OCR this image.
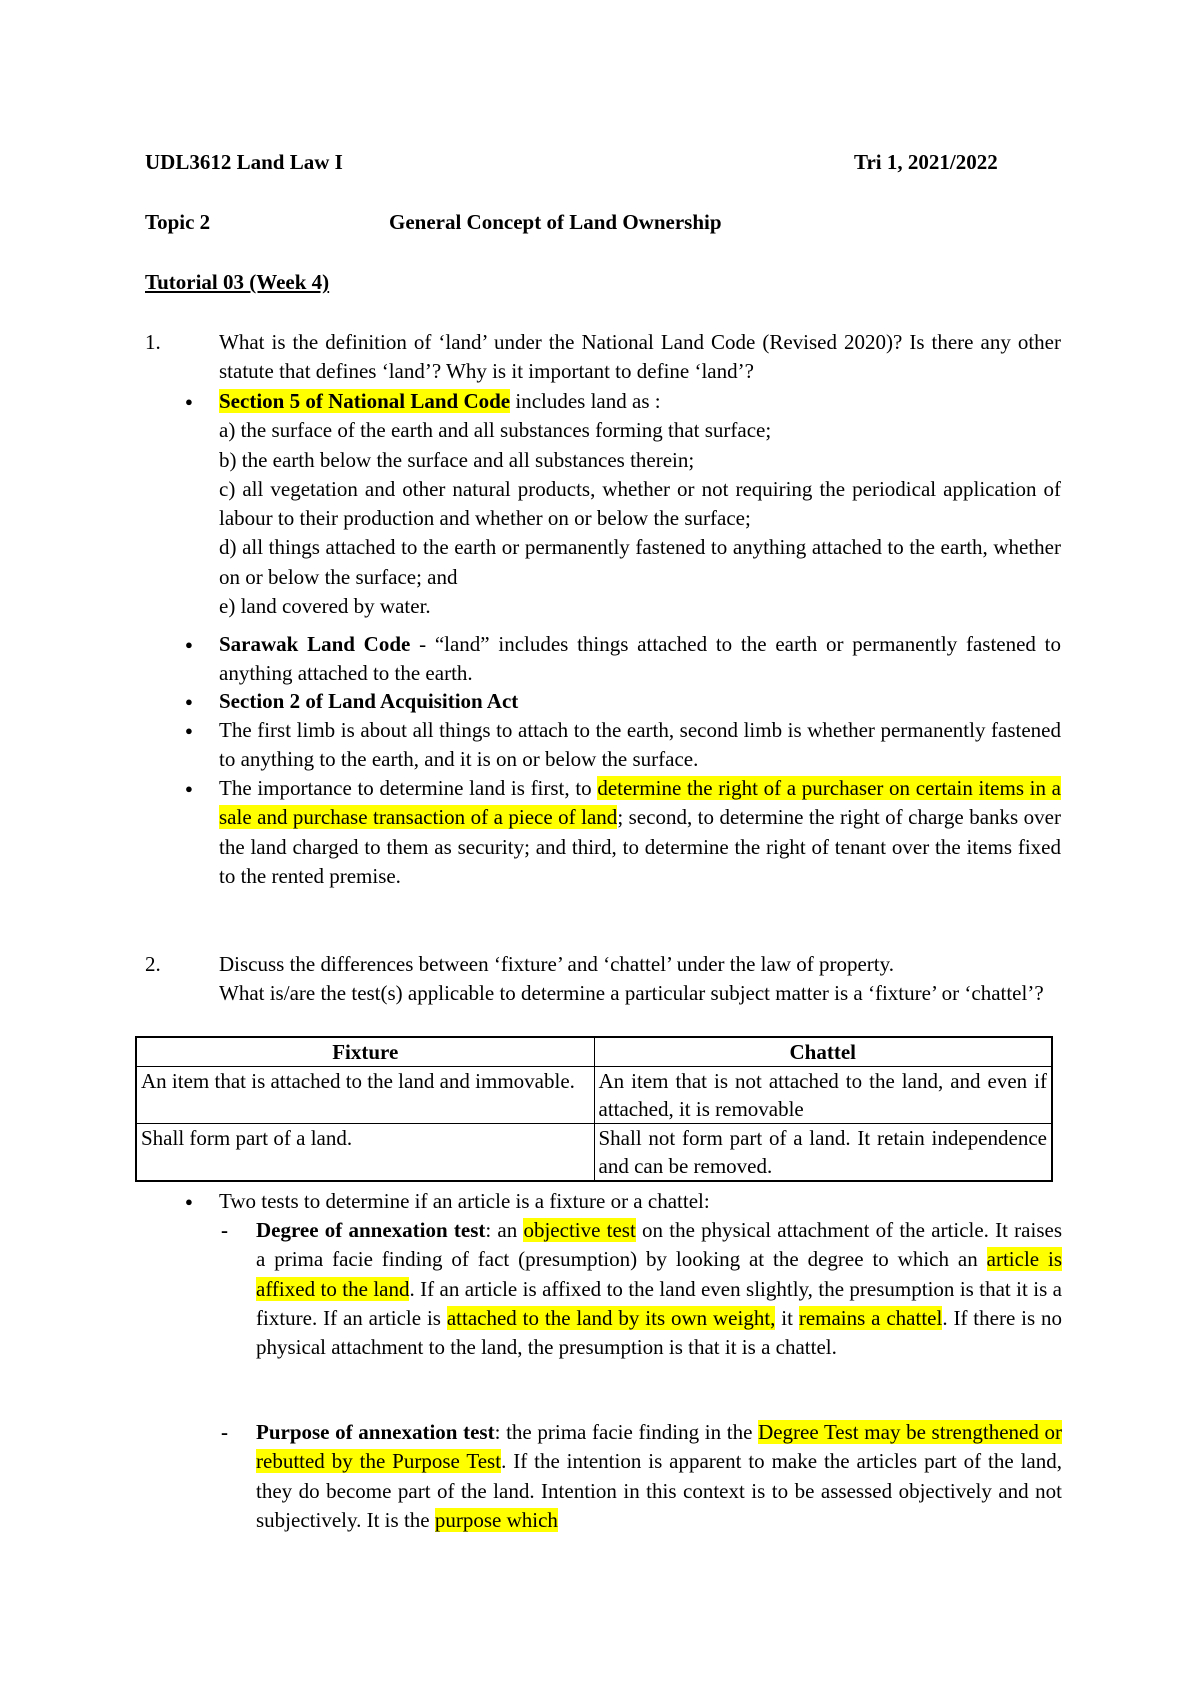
UDL3612 Land Law I	Tri 1, 2021/2022
Topic 2	General Concept of Land Ownership
Tutorial 03 (Week 4)
1.	What is the definition of ‘land’ under the National Land Code (Revised 2020)? Is there any other statute that defines ‘land’? Why is it important to define ‘land’?
● Section 5 of National Land Code includes land as :
a) the surface of the earth and all substances forming that surface;
b) the earth below the surface and all substances therein;
c) all vegetation and other natural products, whether or not requiring the periodical application of labour to their production and whether on or below the surface;
d) all things attached to the earth or permanently fastened to anything attached to the earth, whether on or below the surface; and
e) land covered by water.
● Sarawak Land Code - “land” includes things attached to the earth or permanently fastened to anything attached to the earth.
● Section 2 of Land Acquisition Act
● The first limb is about all things to attach to the earth, second limb is whether permanently fastened to anything to the earth, and it is on or below the surface.
● The importance to determine land is first, to determine the right of a purchaser on certain items in a sale and purchase transaction of a piece of land; second, to determine the right of charge banks over the land charged to them as security; and third, to determine the right of tenant over the items fixed to the rented premise.
2.	Discuss the differences between ‘fixture’ and ‘chattel’ under the law of property.
What is/are the test(s) applicable to determine a particular subject matter is a ‘fixture’ or ‘chattel’?
Fixture	Chattel
An item that is attached to the land and immovable.	An item that is not attached to the land, and even if attached, it is removable
Shall form part of a land.	Shall not form part of a land. It retain independence and can be removed.
● Two tests to determine if an article is a fixture or a chattel:
- Degree of annexation test: an objective test on the physical attachment of the article. It raises a prima facie finding of fact (presumption) by looking at the degree to which an article is affixed to the land. If an article is affixed to the land even slightly, the presumption is that it is a fixture. If an article is attached to the land by its own weight, it remains a chattel. If there is no physical attachment to the land, the presumption is that it is a chattel.
- Purpose of annexation test: the prima facie finding in the Degree Test may be strengthened or rebutted by the Purpose Test. If the intention is apparent to make the articles part of the land, they do become part of the land. Intention in this context is to be assessed objectively and not subjectively. It is the purpose which
